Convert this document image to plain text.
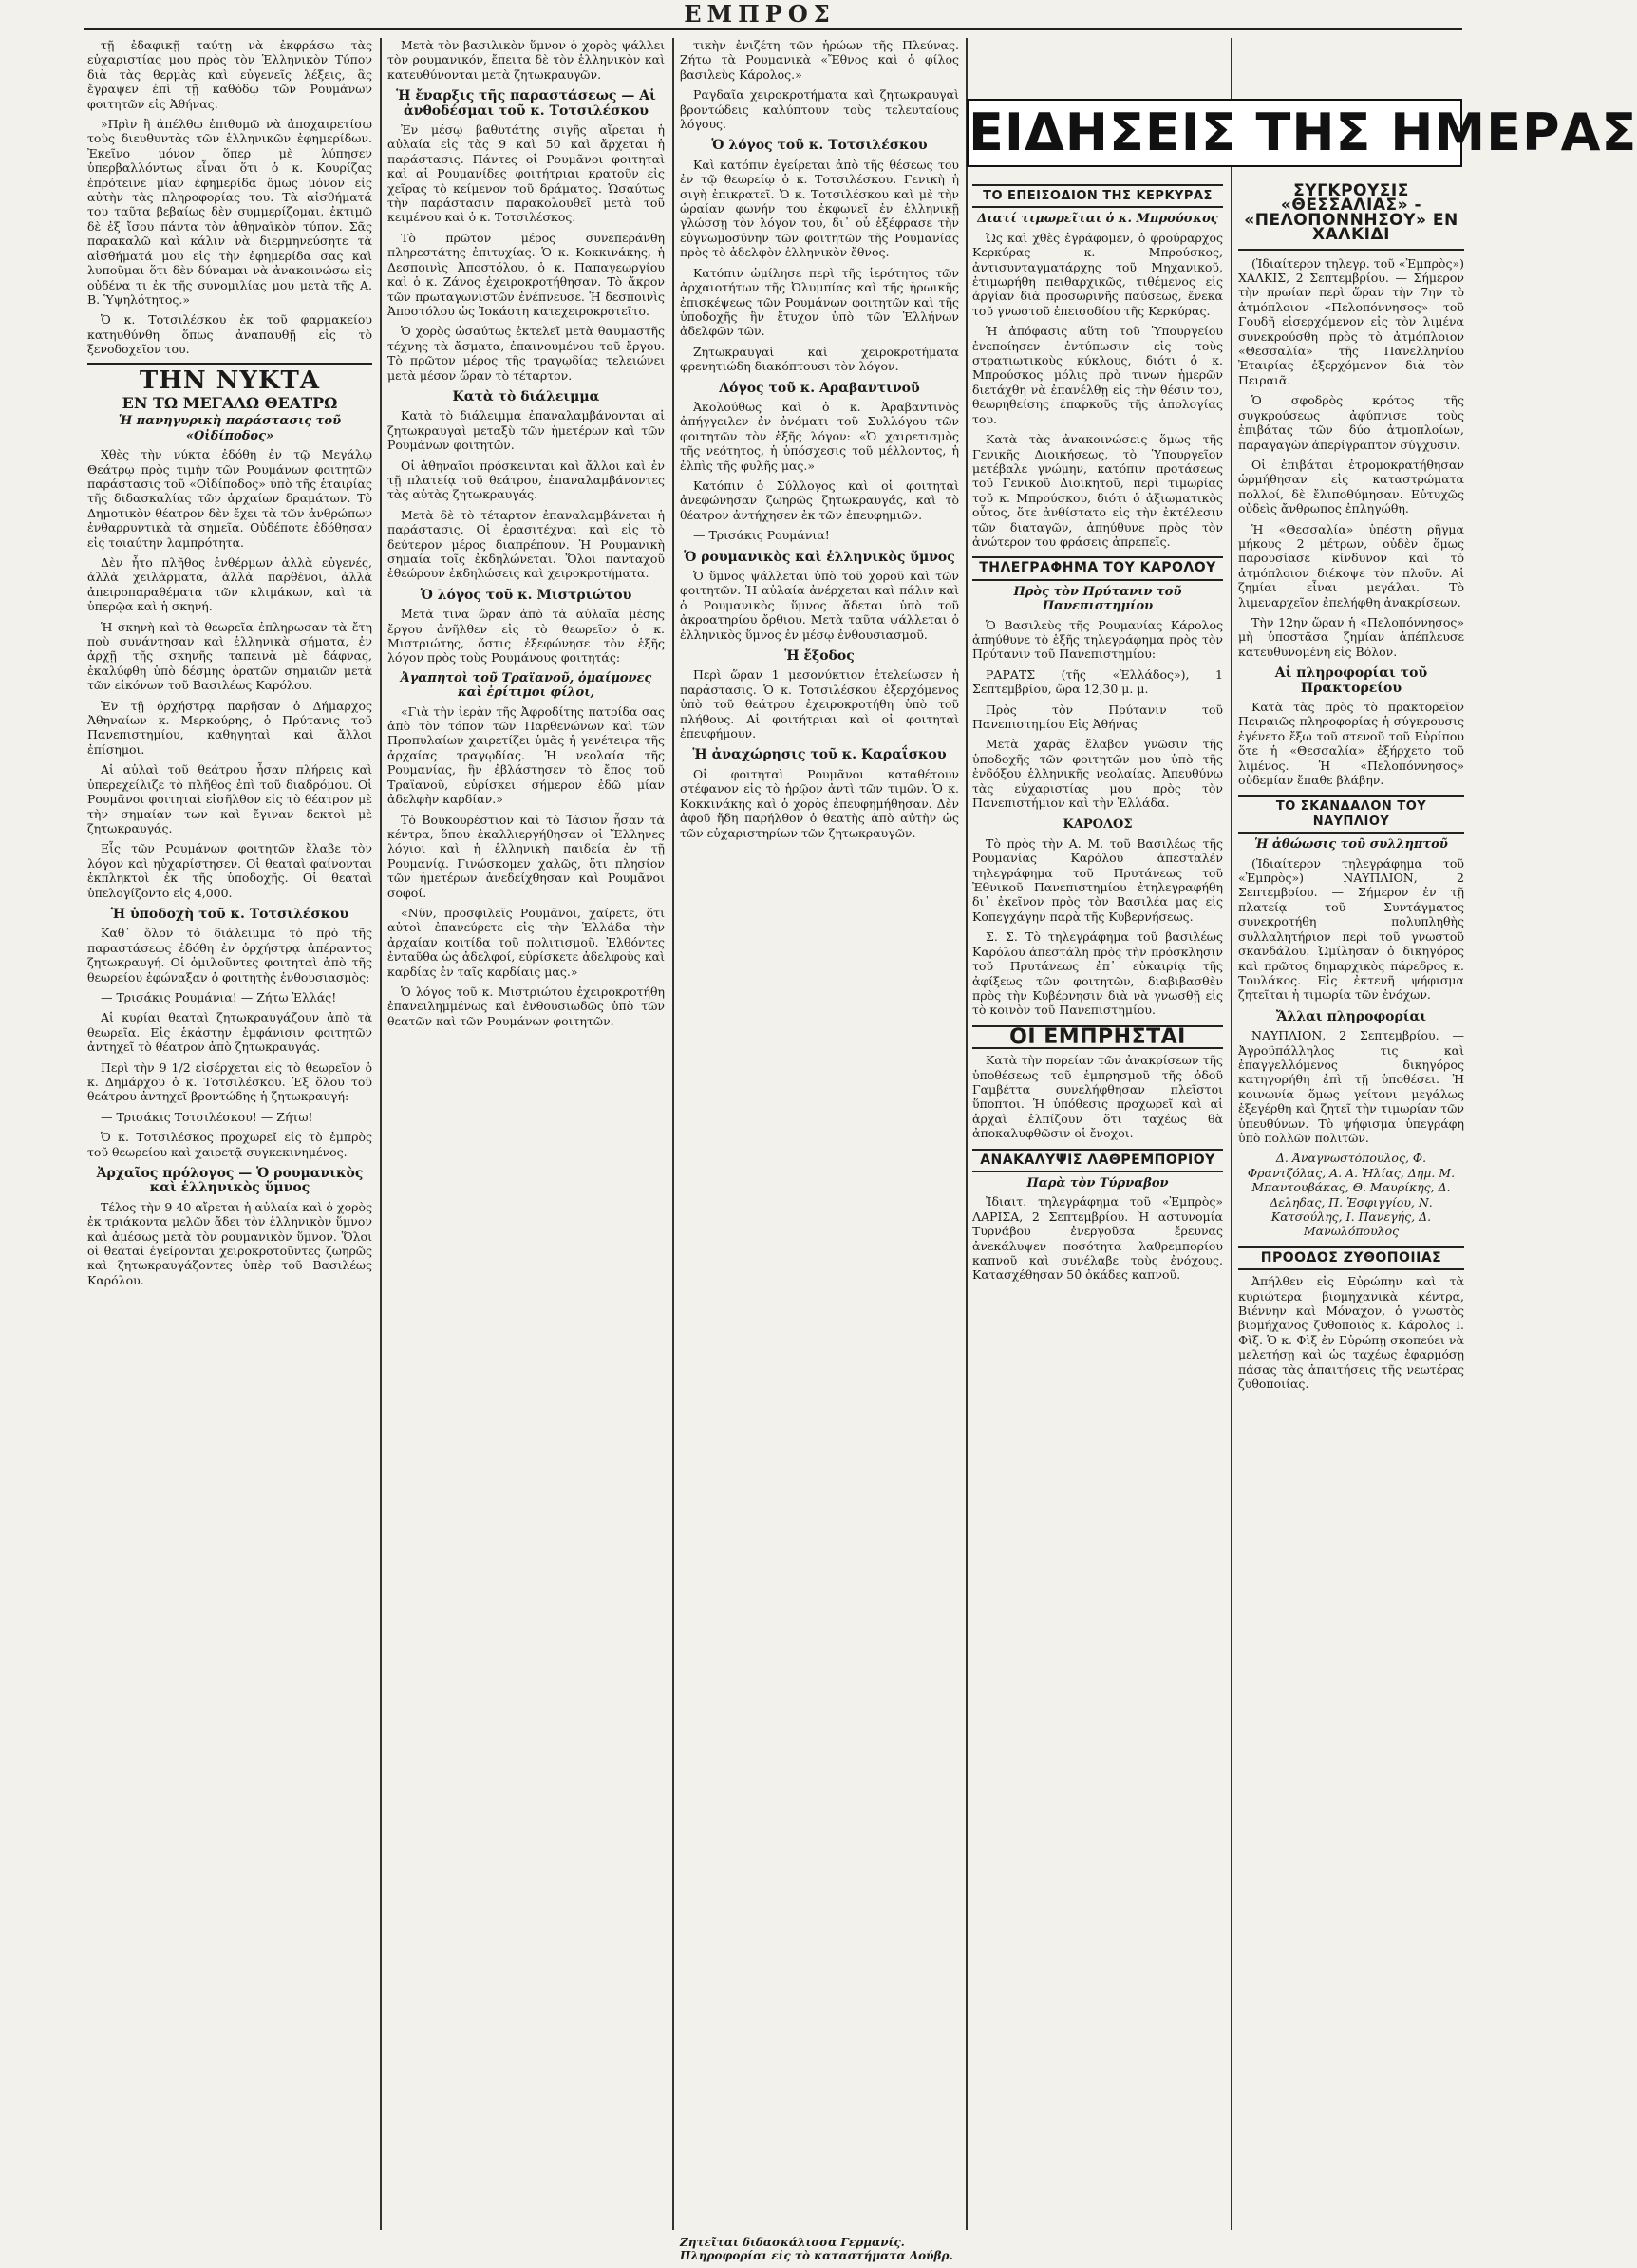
ΕΜΠΡΟΣ

τῇ ἐδαφικῇ ταύτῃ νὰ ἐκφράσω τὰς εὐχαριστίας μου πρὸς τὸν Ἑλληνικὸν Τύπον διὰ τὰς θερμὰς καὶ εὐγενεῖς λέξεις, ἃς ἔγραψεν ἐπὶ τῇ καθόδῳ τῶν Ρουμάνων φοιτητῶν εἰς Ἀθήνας.

»Πρὶν ἢ ἀπέλθω ἐπιθυμῶ νὰ ἀποχαιρετίσω τοὺς διευθυντὰς τῶν ἑλληνικῶν ἐφημερίδων. Ἐκεῖνο μόνον ὅπερ μὲ λύπησεν ὑπερβαλλόντως εἶναι ὅτι ὁ κ. Κουρίζας ἐπρότεινε μίαν ἐφημερίδα ὅμως μόνον εἰς αὐτὴν τὰς πληροφορίας του. Τὰ αἰσθήματά του ταῦτα βεβαίως δὲν συμμερίζομαι, ἐκτιμῶ δὲ ἐξ ἴσου πάντα τὸν ἀθηναϊκὸν τύπον. Σᾶς παρακαλῶ καὶ κάλιν νὰ διερμηνεύσητε τὰ αἰσθήματά μου εἰς τὴν ἐφημερίδα σας καὶ λυποῦμαι ὅτι δὲν δύναμαι νὰ ἀνακοινώσω εἰς οὐδένα τι ἐκ τῆς συνομιλίας μου μετὰ τῆς Α. Β. Ὑψηλότητος.»

Ὁ κ. Τοτσιλέσκου ἐκ τοῦ φαρμακείου κατηυθύνθη ὅπως ἀναπαυθῇ εἰς τὸ ξενοδοχεῖον του.

ΤΗΝ ΝΥΚΤΑ
ΕΝ ΤΩ ΜΕΓΑΛΩ ΘΕΑΤΡΩ
Ἡ πανηγυρικὴ παράστασις τοῦ «Οἰδίποδος»

Χθὲς τὴν νύκτα ἐδόθη ἐν τῷ Μεγάλῳ Θεάτρῳ πρὸς τιμὴν τῶν Ρουμάνων φοιτητῶν παράστασις τοῦ «Οἰδίποδος» ὑπὸ τῆς ἑταιρίας τῆς διδασκαλίας τῶν ἀρχαίων δραμάτων. Τὸ Δημοτικὸν θέατρον δὲν ἔχει τὰ τῶν ἀνθρώπων ἐνθαρρυντικὰ τὰ σημεῖα. Οὐδέποτε ἐδόθησαν εἰς τοιαύτην λαμπρότητα.

Δὲν ἦτο πλῆθος ἐνθέρμων ἀλλὰ εὐγενές, ἀλλὰ χειλάρματα, ἀλλὰ παρθένοι, ἀλλὰ ἀπειροπαραθέματα τῶν κλιμάκων, καὶ τὰ ὑπερῷα καὶ ἡ σκηνή.

Ἡ σκηνὴ καὶ τὰ θεωρεῖα ἐπληρωσαν τὰ ἔτη ποὺ συνάντησαν καὶ ἑλληνικὰ σήματα, ἐν ἀρχῇ τῆς σκηνῆς ταπεινὰ μὲ δάφνας, ἐκαλύφθη ὑπὸ δέσμης ὁρατῶν σημαιῶν μετὰ τῶν εἰκόνων τοῦ Βασιλέως Καρόλου.

Ἐν τῇ ὀρχήστρᾳ παρῆσαν ὁ Δήμαρχος Ἀθηναίων κ. Μερκούρης, ὁ Πρύτανις τοῦ Πανεπιστημίου, καθηγηταὶ καὶ ἄλλοι ἐπίσημοι.

Αἱ αὐλαὶ τοῦ θεάτρου ἦσαν πλήρεις καὶ ὑπερεχείλιζε τὸ πλῆθος ἐπὶ τοῦ διαδρόμου. Οἱ Ρουμᾶνοι φοιτηταὶ εἰσῆλθον εἰς τὸ θέατρον μὲ τὴν σημαίαν των καὶ ἔγιναν δεκτοὶ μὲ ζητωκραυγάς.

Εἷς τῶν Ρουμάνων φοιτητῶν ἔλαβε τὸν λόγον καὶ ηὐχαρίστησεν. Οἱ θεαταὶ φαίνονται ἐκπληκτοὶ ἐκ τῆς ὑποδοχῆς. Οἱ θεαταὶ ὑπελογίζοντο εἰς 4,000.

Ἡ ὑποδοχὴ τοῦ κ. Τοτσιλέσκου

Καθ᾽ ὅλον τὸ διάλειμμα τὸ πρὸ τῆς παραστάσεως ἐδόθη ἐν ὀρχήστρᾳ ἀπέραντος ζητωκραυγή. Οἱ ὁμιλοῦντες φοιτηταὶ ἀπὸ τῆς θεωρείου ἐφώναξαν ὁ φοιτητὴς ἐνθουσιασμὸς:

— Τρισάκις Ρουμάνια! — Ζήτω Ἑλλάς!

Αἱ κυρίαι θεαταὶ ζητωκραυγάζουν ἀπὸ τὰ θεωρεῖα. Εἰς ἑκάστην ἐμφάνισιν φοιτητῶν ἀντηχεῖ τὸ θέατρον ἀπὸ ζητωκραυγάς.

Περὶ τὴν 9 1/2 εἰσέρχεται εἰς τὸ θεωρεῖον ὁ κ. Δημάρχου ὁ κ. Τοτσιλέσκου. Ἐξ ὅλου τοῦ θεάτρου ἀντηχεῖ βροντώδης ἡ ζητωκραυγή:

— Τρισάκις Τοτσιλέσκου! — Ζήτω!

Ὁ κ. Τοτσιλέσκος προχωρεῖ εἰς τὸ ἐμπρὸς τοῦ θεωρείου καὶ χαιρετᾷ συγκεκινημένος.

Ἀρχαῖος πρόλογος — Ὁ ρουμανικὸς καὶ ἑλληνικὸς ὕμνος

Τέλος τὴν 9 40 αἴρεται ἡ αὐλαία καὶ ὁ χορὸς ἐκ τριάκοντα μελῶν ἄδει τὸν ἑλληνικὸν ὕμνον καὶ ἀμέσως μετὰ τὸν ρουμανικὸν ὕμνον. Ὅλοι οἱ θεαταὶ ἐγείρονται χειροκροτοῦντες ζωηρῶς καὶ ζητωκραυγάζοντες ὑπὲρ τοῦ Βασιλέως Καρόλου.

Μετὰ τὸν βασιλικὸν ὕμνον ὁ χορὸς ψάλλει τὸν ρουμανικόν, ἔπειτα δὲ τὸν ἑλληνικὸν καὶ κατευθύνονται μετὰ ζητωκραυγῶν.

Ἡ ἔναρξις τῆς παραστάσεως — Αἱ ἀνθοδέσμαι τοῦ κ. Τοτσιλέσκου

Ἐν μέσῳ βαθυτάτης σιγῆς αἴρεται ἡ αὐλαία εἰς τὰς 9 καὶ 50 καὶ ἄρχεται ἡ παράστασις. Πάντες οἱ Ρουμᾶνοι φοιτηταὶ καὶ αἱ Ρουμανίδες φοιτήτριαι κρατοῦν εἰς χεῖρας τὸ κείμενον τοῦ δράματος. Ὡσαύτως τὴν παράστασιν παρακολουθεῖ μετὰ τοῦ κειμένου καὶ ὁ κ. Τοτσιλέσκος.

Τὸ πρῶτον μέρος συνεπεράνθη πληρεστάτης ἐπιτυχίας. Ὁ κ. Κοκκινάκης, ἡ Δεσποινὶς Ἀποστόλου, ὁ κ. Παπαγεωργίου καὶ ὁ κ. Ζάνος ἐχειροκροτήθησαν. Τὸ ἄκρον τῶν πρωταγωνιστῶν ἐνέπνευσε. Ἡ δεσποινὶς Ἀποστόλου ὡς Ἰοκάστη κατεχειροκροτεῖτο.

Ὁ χορὸς ὡσαύτως ἐκτελεῖ μετὰ θαυμαστῆς τέχνης τὰ ἄσματα, ἐπαινουμένου τοῦ ἔργου. Τὸ πρῶτον μέρος τῆς τραγῳδίας τελειώνει μετὰ μέσον ὥραν τὸ τέταρτον.

Κατὰ τὸ διάλειμμα

Κατὰ τὸ διάλειμμα ἐπαναλαμβάνονται αἱ ζητωκραυγαὶ μεταξὺ τῶν ἡμετέρων καὶ τῶν Ρουμάνων φοιτητῶν.

Οἱ ἀθηναῖοι πρόσκεινται καὶ ἄλλοι καὶ ἐν τῇ πλατείᾳ τοῦ θεάτρου, ἐπαναλαμβάνοντες τὰς αὐτὰς ζητωκραυγάς.

Μετὰ δὲ τὸ τέταρτον ἐπαναλαμβάνεται ἡ παράστασις. Οἱ ἐρασιτέχναι καὶ εἰς τὸ δεύτερον μέρος διαπρέπουν. Ἡ Ρουμανικὴ σημαία τοῖς ἐκδηλώνεται. Ὅλοι πανταχοῦ ἐθεώρουν ἐκδηλώσεις καὶ χειροκροτήματα.

Ὁ λόγος τοῦ κ. Μιστριώτου

Μετὰ τινα ὥραν ἀπὸ τὰ αὐλαῖα μέσης ἔργου ἀνῆλθεν εἰς τὸ θεωρεῖον ὁ κ. Μιστριώτης, ὅστις ἐξεφώνησε τὸν ἑξῆς λόγον πρὸς τοὺς Ρουμάνους φοιτητάς:

Ἀγαπητοὶ τοῦ Τραϊανοῦ, ὁμαίμονες καὶ ἐρίτιμοι φίλοι,

«Γιὰ τὴν ἱερὰν τῆς Ἀφροδίτης πατρίδα σας ἀπὸ τὸν τόπον τῶν Παρθενώνων καὶ τῶν Προπυλαίων χαιρετίζει ὑμᾶς ἡ γενέτειρα τῆς ἀρχαίας τραγῳδίας. Ἡ νεολαία τῆς Ρουμανίας, ἣν ἐβλάστησεν τὸ ἔπος τοῦ Τραϊανοῦ, εὑρίσκει σήμερον ἐδῶ μίαν ἀδελφὴν καρδίαν.»

Τὸ Βουκουρέστιον καὶ τὸ Ἰάσιον ἦσαν τὰ κέντρα, ὅπου ἐκαλλιεργήθησαν οἱ Ἕλληνες λόγιοι καὶ ἡ ἑλληνικὴ παιδεία ἐν τῇ Ρουμανίᾳ. Γινώσκομεν χαλῶς, ὅτι πλησίον τῶν ἡμετέρων ἀνεδείχθησαν καὶ Ρουμᾶνοι σοφοί.

«Νῦν, προσφιλεῖς Ρουμᾶνοι, χαίρετε, ὅτι αὐτοὶ ἐπανεύρετε εἰς τὴν Ἑλλάδα τὴν ἀρχαίαν κοιτίδα τοῦ πολιτισμοῦ. Ἐλθόντες ἐνταῦθα ὡς ἀδελφοί, εὑρίσκετε ἀδελφοὺς καὶ καρδίας ἐν ταῖς καρδίαις μας.»

Ὁ λόγος τοῦ κ. Μιστριώτου ἐχειροκροτήθη ἐπανειλημμένως καὶ ἐνθουσιωδῶς ὑπὸ τῶν θεατῶν καὶ τῶν Ρουμάνων φοιτητῶν.

τικὴν ἐνιζέτη τῶν ἡρώων τῆς Πλεύνας. Ζήτω τὰ Ρουμανικὰ «Ἔθνος καὶ ὁ φίλος βασιλεὺς Κάρολος.»

Ραγδαῖα χειροκροτήματα καὶ ζητωκραυγαὶ βροντώδεις καλύπτουν τοὺς τελευταίους λόγους.

Ὁ λόγος τοῦ κ. Τοτσιλέσκου

Καὶ κατόπιν ἐγείρεται ἀπὸ τῆς θέσεως του ἐν τῷ θεωρείῳ ὁ κ. Τοτσιλέσκου. Γενικὴ ἡ σιγὴ ἐπικρατεῖ. Ὁ κ. Τοτσιλέσκου καὶ μὲ τὴν ὡραίαν φωνήν του ἐκφωνεῖ ἐν ἑλληνικῇ γλώσσῃ τὸν λόγον του, δι᾽ οὗ ἐξέφρασε τὴν εὐγνωμοσύνην τῶν φοιτητῶν τῆς Ρουμανίας πρὸς τὸ ἀδελφὸν ἑλληνικὸν ἔθνος.

Κατόπιν ὡμίλησε περὶ τῆς ἱερότητος τῶν ἀρχαιοτήτων τῆς Ὀλυμπίας καὶ τῆς ἡρωικῆς ἐπισκέψεως τῶν Ρουμάνων φοιτητῶν καὶ τῆς ὑποδοχῆς ἣν ἔτυχον ὑπὸ τῶν Ἑλλήνων ἀδελφῶν τῶν.

Ζητωκραυγαὶ καὶ χειροκροτήματα φρενητιώδη διακόπτουσι τὸν λόγον.

Λόγος τοῦ κ. Αραβαντινοῦ

Ἀκολούθως καὶ ὁ κ. Ἀραβαντινὸς ἀπήγγειλεν ἐν ὀνόματι τοῦ Συλλόγου τῶν φοιτητῶν τὸν ἑξῆς λόγον: «Ὁ χαιρετισμὸς τῆς νεότητος, ἡ ὑπόσχεσις τοῦ μέλλοντος, ἡ ἐλπὶς τῆς φυλῆς μας.»

Κατόπιν ὁ Σύλλογος καὶ οἱ φοιτηταὶ ἀνεφώνησαν ζωηρῶς ζητωκραυγάς, καὶ τὸ θέατρον ἀντήχησεν ἐκ τῶν ἐπευφημιῶν.

— Τρισάκις Ρουμάνια!

Ὁ ρουμανικὸς καὶ ἑλληνικὸς ὕμνος

Ὁ ὕμνος ψάλλεται ὑπὸ τοῦ χοροῦ καὶ τῶν φοιτητῶν. Ἡ αὐλαία ἀνέρχεται καὶ πάλιν καὶ ὁ Ρουμανικὸς ὕμνος ἄδεται ὑπὸ τοῦ ἀκροατηρίου ὄρθιου. Μετὰ ταῦτα ψάλλεται ὁ ἑλληνικὸς ὕμνος ἐν μέσῳ ἐνθουσιασμοῦ.

Ἡ ἔξοδος

Περὶ ὥραν 1 μεσονύκτιον ἐτελείωσεν ἡ παράστασις. Ὁ κ. Τοτσιλέσκου ἐξερχόμενος ὑπὸ τοῦ θεάτρου ἐχειροκροτήθη ὑπὸ τοῦ πλήθους. Αἱ φοιτήτριαι καὶ οἱ φοιτηταὶ ἐπευφήμουν.

Ἡ ἀναχώρησις τοῦ κ. Καραΐσκου

Οἱ φοιτηταὶ Ρουμᾶνοι καταθέτουν στέφανον εἰς τὸ ἡρῷον ἀντὶ τῶν τιμῶν. Ὁ κ. Κοκκινάκης καὶ ὁ χορὸς ἐπευφημήθησαν. Δὲν ἀφοῦ ἤδη παρήλθον ὁ θεατὴς ἀπὸ αὐτὴν ὡς τῶν εὐχαριστηρίων τῶν ζητωκραυγῶν.

Ζητεῖται διδασκάλισσα Γερμανίς. Πληροφορίαι εἰς τὸ καταστήματα Λούβρ.
ΕΙΔΗΣΕΙΣ ΤΗΣ ΗΜΕΡΑΣ
ΤΟ ΕΠΕΙΣΟΔΙΟΝ ΤΗΣ ΚΕΡΚΥΡΑΣ
Διατί τιμωρεῖται ὁ κ. Μπρούσκος

Ὡς καὶ χθὲς ἐγράφομεν, ὁ φρούραρχος Κερκύρας κ. Μπρούσκος, ἀντισυνταγματάρχης τοῦ Μηχανικοῦ, ἐτιμωρήθη πειθαρχικῶς, τιθέμενος εἰς ἀργίαν διὰ προσωρινῆς παύσεως, ἕνεκα τοῦ γνωστοῦ ἐπεισοδίου τῆς Κερκύρας.

Ἡ ἀπόφασις αὕτη τοῦ Ὑπουργείου ἐνεποίησεν ἐντύπωσιν εἰς τοὺς στρατιωτικοὺς κύκλους, διότι ὁ κ. Μπρούσκος μόλις πρὸ τινων ἡμερῶν διετάχθη νὰ ἐπανέλθῃ εἰς τὴν θέσιν του, θεωρηθείσης ἐπαρκοῦς τῆς ἀπολογίας του.

Κατὰ τὰς ἀνακοινώσεις ὅμως τῆς Γενικῆς Διοικήσεως, τὸ Ὑπουργεῖον μετέβαλε γνώμην, κατόπιν προτάσεως τοῦ Γενικοῦ Διοικητοῦ, περὶ τιμωρίας τοῦ κ. Μπρούσκου, διότι ὁ ἀξιωματικὸς οὗτος, ὅτε ἀνθίστατο εἰς τὴν ἐκτέλεσιν τῶν διαταγῶν, ἀπηύθυνε πρὸς τὸν ἀνώτερον του φράσεις ἀπρεπεῖς.

ΤΗΛΕΓΡΑΦΗΜΑ ΤΟΥ ΚΑΡΟΛΟΥ
Πρὸς τὸν Πρύτανιν τοῦ Πανεπιστημίου

Ὁ Βασιλεὺς τῆς Ρουμανίας Κάρολος ἀπηύθυνε τὸ ἑξῆς τηλεγράφημα πρὸς τὸν Πρύτανιν τοῦ Πανεπιστημίου:

ΡΑΡΑΤΣ (τῆς «Ἑλλάδος»), 1 Σεπτεμβρίου, ὥρα 12,30 μ. μ.

Πρὸς τὸν Πρύτανιν τοῦ Πανεπιστημίου Εἰς Ἀθήνας

Μετὰ χαρᾶς ἔλαβον γνῶσιν τῆς ὑποδοχῆς τῶν φοιτητῶν μου ὑπὸ τῆς ἐνδόξου ἑλληνικῆς νεολαίας. Ἀπευθύνω τὰς εὐχαριστίας μου πρὸς τὸν Πανεπιστήμιον καὶ τὴν Ἑλλάδα.

ΚΑΡΟΛΟΣ

Τὸ πρὸς τὴν Α. Μ. τοῦ Βασιλέως τῆς Ρουμανίας Καρόλου ἀπεσταλὲν τηλεγράφημα τοῦ Πρυτάνεως τοῦ Ἐθνικοῦ Πανεπιστημίου ἐτηλεγραφήθη δι᾽ ἐκεῖνον πρὸς τὸν Βασιλέα μας εἰς Κοπεγχάγην παρὰ τῆς Κυβερνήσεως.

Σ. Σ. Τὸ τηλεγράφημα τοῦ βασιλέως Καρόλου ἀπεστάλη πρὸς τὴν πρόσκλησιν τοῦ Πρυτάνεως ἐπ᾽ εὐκαιρίᾳ τῆς ἀφίξεως τῶν φοιτητῶν, διαβιβασθὲν πρὸς τὴν Κυβέρνησιν διὰ νὰ γνωσθῇ εἰς τὸ κοινὸν τοῦ Πανεπιστημίου.

ΟΙ ΕΜΠΡΗΣΤΑΙ

Κατὰ τὴν πορείαν τῶν ἀνακρίσεων τῆς ὑποθέσεως τοῦ ἐμπρησμοῦ τῆς ὁδοῦ Γαμβέττα συνελήφθησαν πλεῖστοι ὕποπτοι. Ἡ ὑπόθεσις προχωρεῖ καὶ αἱ ἀρχαὶ ἐλπίζουν ὅτι ταχέως θὰ ἀποκαλυφθῶσιν οἱ ἔνοχοι.

ΑΝΑΚΑΛΥΨΙΣ ΛΑΘΡΕΜΠΟΡΙΟΥ
Παρὰ τὸν Τύρναβον

Ἰδιαιτ. τηλεγράφημα τοῦ «Ἐμπρὸς» ΛΑΡΙΣΑ, 2 Σεπτεμβρίου. Ἡ αστυνομία Τυρνάβου ἐνεργοῦσα ἔρευνας ἀνεκάλυψεν ποσότητα λαθρεμπορίου καπνοῦ καὶ συνέλαβε τοὺς ἐνόχους. Κατασχέθησαν 50 ὀκάδες καπνοῦ.

ΣΥΓΚΡΟΥΣΙΣ «ΘΕΣΣΑΛΙΑΣ» - «ΠΕΛΟΠΟΝΝΗΣΟΥ» ΕΝ ΧΑΛΚΙΔΙ

(Ἰδιαίτερον τηλεγρ. τοῦ «Ἐμπρὸς») ΧΑΛΚΙΣ, 2 Σεπτεμβρίου. — Σήμερον τὴν πρωίαν περὶ ὥραν τὴν 7ην τὸ ἀτμόπλοιον «Πελοπόννησος» τοῦ Γουδῆ εἰσερχόμενον εἰς τὸν λιμένα συνεκρούσθη πρὸς τὸ ἀτμόπλοιον «Θεσσαλία» τῆς Πανελληνίου Ἑταιρίας ἐξερχόμενον διὰ τὸν Πειραιᾶ.

Ὁ σφοδρὸς κρότος τῆς συγκρούσεως ἀφύπνισε τοὺς ἐπιβάτας τῶν δύο ἀτμοπλοίων, παραγαγὼν ἀπερίγραπτον σύγχυσιν.

Οἱ ἐπιβάται ἐτρομοκρατήθησαν ὡρμήθησαν εἰς καταστρώματα πολλοί, δὲ ἔλιποθύμησαν. Εὐτυχῶς οὐδεὶς ἄνθρωπος ἐπληγώθη.

Ἡ «Θεσσαλία» ὑπέστη ρῆγμα μήκους 2 μέτρων, οὐδὲν ὅμως παρουσίασε κίνδυνον καὶ τὸ ἀτμόπλοιον διέκοψε τὸν πλοῦν. Αἱ ζημίαι εἶναι μεγάλαι. Τὸ λιμεναρχεῖον ἐπελήφθη ἀνακρίσεων.

Τὴν 12ην ὥραν ἡ «Πελοπόννησος» μὴ ὑποστᾶσα ζημίαν ἀπέπλευσε κατευθυνομένη εἰς Βόλον.

Αἱ πληροφορίαι τοῦ Πρακτορείου

Κατὰ τὰς πρὸς τὸ πρακτορεῖον Πειραιῶς πληροφορίας ἡ σύγκρουσις ἐγένετο ἔξω τοῦ στενοῦ τοῦ Εὐρίπου ὅτε ἡ «Θεσσαλία» ἐξήρχετο τοῦ λιμένος. Ἡ «Πελοπόννησος» οὐδεμίαν ἔπαθε βλάβην.

ΤΟ ΣΚΑΝΔΑΛΟΝ ΤΟΥ ΝΑΥΠΛΙΟΥ
Ἡ ἀθώωσις τοῦ συλληπτοῦ

(Ἰδιαίτερον τηλεγράφημα τοῦ «Ἐμπρὸς») ΝΑΥΠΛΙΟΝ, 2 Σεπτεμβρίου. — Σήμερον ἐν τῇ πλατείᾳ τοῦ Συντάγματος συνεκροτήθη πολυπληθὴς συλλαλητήριον περὶ τοῦ γνωστοῦ σκανδάλου. Ὡμίλησαν ὁ δικηγόρος καὶ πρῶτος δημαρχικὸς πάρεδρος κ. Τουλάκος. Εἰς ἐκτενῆ ψήφισμα ζητεῖται ἡ τιμωρία τῶν ἐνόχων.

Ἄλλαι πληροφορίαι

ΝΑΥΠΛΙΟΝ, 2 Σεπτεμβρίου. — Ἀγροϋπάλληλος τις καὶ ἐπαγγελλόμενος δικηγόρος κατηγορήθη ἐπὶ τῇ ὑποθέσει. Ἡ κοινωνία ὅμως γείτονι μεγάλως ἐξεγέρθη καὶ ζητεῖ τὴν τιμωρίαν τῶν ὑπευθύνων. Τὸ ψήφισμα ὑπεγράφη ὑπὸ πολλῶν πολιτῶν.

Δ. Ἀναγνωστόπουλος, Φ. Φραντζόλας, Α. Α. Ἠλίας, Δημ. Μ. Μπαντουβάκας, Θ. Μαυρίκης, Δ. Δεληδας, Π. Ἐσφιγγίου, Ν. Κατσούλης, Ι. Πανεγής, Δ. Μανωλόπουλος

ΠΡΟΟΔΟΣ ΖΥΘΟΠΟΙΙΑΣ

Ἀπήλθεν εἰς Εὐρώπην καὶ τὰ κυριώτερα βιομηχανικὰ κέντρα, Βιέννην καὶ Μόναχον, ὁ γνωστὸς βιομήχανος ζυθοποιὸς κ. Κάρολος Ι. Φὶξ. Ὁ κ. Φὶξ ἐν Εὐρώπῃ σκοπεύει νὰ μελετήσῃ καὶ ὡς ταχέως ἐφαρμόσῃ πάσας τὰς ἀπαιτήσεις τῆς νεωτέρας ζυθοποιίας.
